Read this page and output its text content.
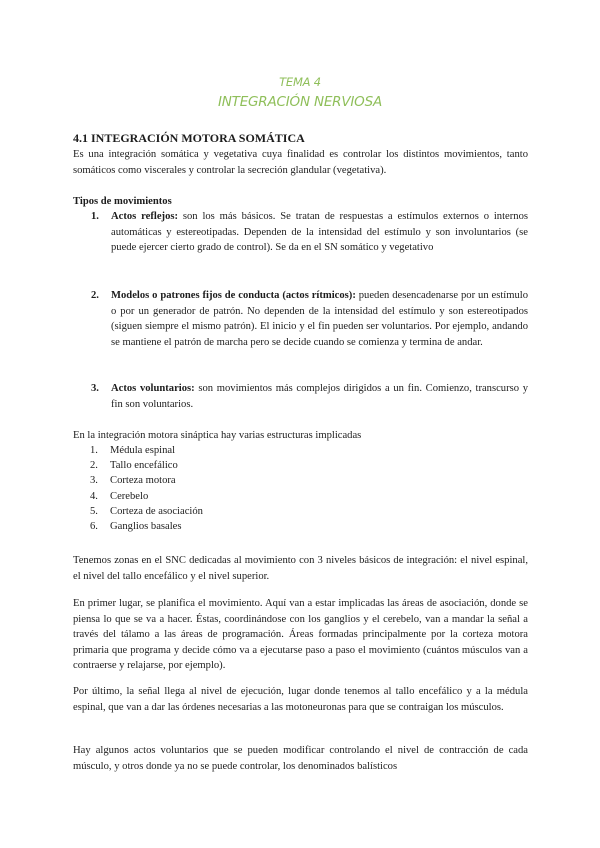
TEMA 4
INTEGRACIÓN NERVIOSA
4.1 INTEGRACIÓN MOTORA SOMÁTICA
Es una integración somática y vegetativa cuya finalidad es controlar los distintos movimientos, tanto somáticos como viscerales y controlar la secreción glandular (vegetativa).
Tipos de movimientos
1. Actos reflejos: son los más básicos. Se tratan de respuestas a estímulos externos o internos automáticas y estereotipadas. Dependen de la intensidad del estímulo y son involuntarios (se puede ejercer cierto grado de control). Se da en el SN somático y vegetativo
2. Modelos o patrones fijos de conducta (actos rítmicos): pueden desencadenarse por un estímulo o por un generador de patrón. No dependen de la intensidad del estímulo y son estereotipados (siguen siempre el mismo patrón). El inicio y el fin pueden ser voluntarios. Por ejemplo, andando se mantiene el patrón de marcha pero se decide cuando se comienza y termina de andar.
3. Actos voluntarios: son movimientos más complejos dirigidos a un fin. Comienzo, transcurso y fin son voluntarios.
En la integración motora sináptica hay varias estructuras implicadas
1. Médula espinal
2. Tallo encefálico
3. Corteza motora
4. Cerebelo
5. Corteza de asociación
6. Ganglios basales
Tenemos zonas en el SNC dedicadas al movimiento con 3 niveles básicos de integración: el nivel espinal, el nivel del tallo encefálico y el nivel superior.
En primer lugar, se planifica el movimiento. Aquí van a estar implicadas las áreas de asociación, donde se piensa lo que se va a hacer. Éstas, coordinándose con los ganglios y el cerebelo, van a mandar la señal a través del tálamo a las áreas de programación. Áreas formadas principalmente por la corteza motora primaria que programa y decide cómo va a ejecutarse paso a paso el movimiento (cuántos músculos van a contraerse y relajarse, por ejemplo).
Por último, la señal llega al nivel de ejecución, lugar donde tenemos al tallo encefálico y a la médula espinal, que van a dar las órdenes necesarias a las motoneuronas para que se contraigan los músculos.
Hay algunos actos voluntarios que se pueden modificar controlando el nivel de contracción de cada músculo, y otros donde ya no se puede controlar, los denominados balísticos
